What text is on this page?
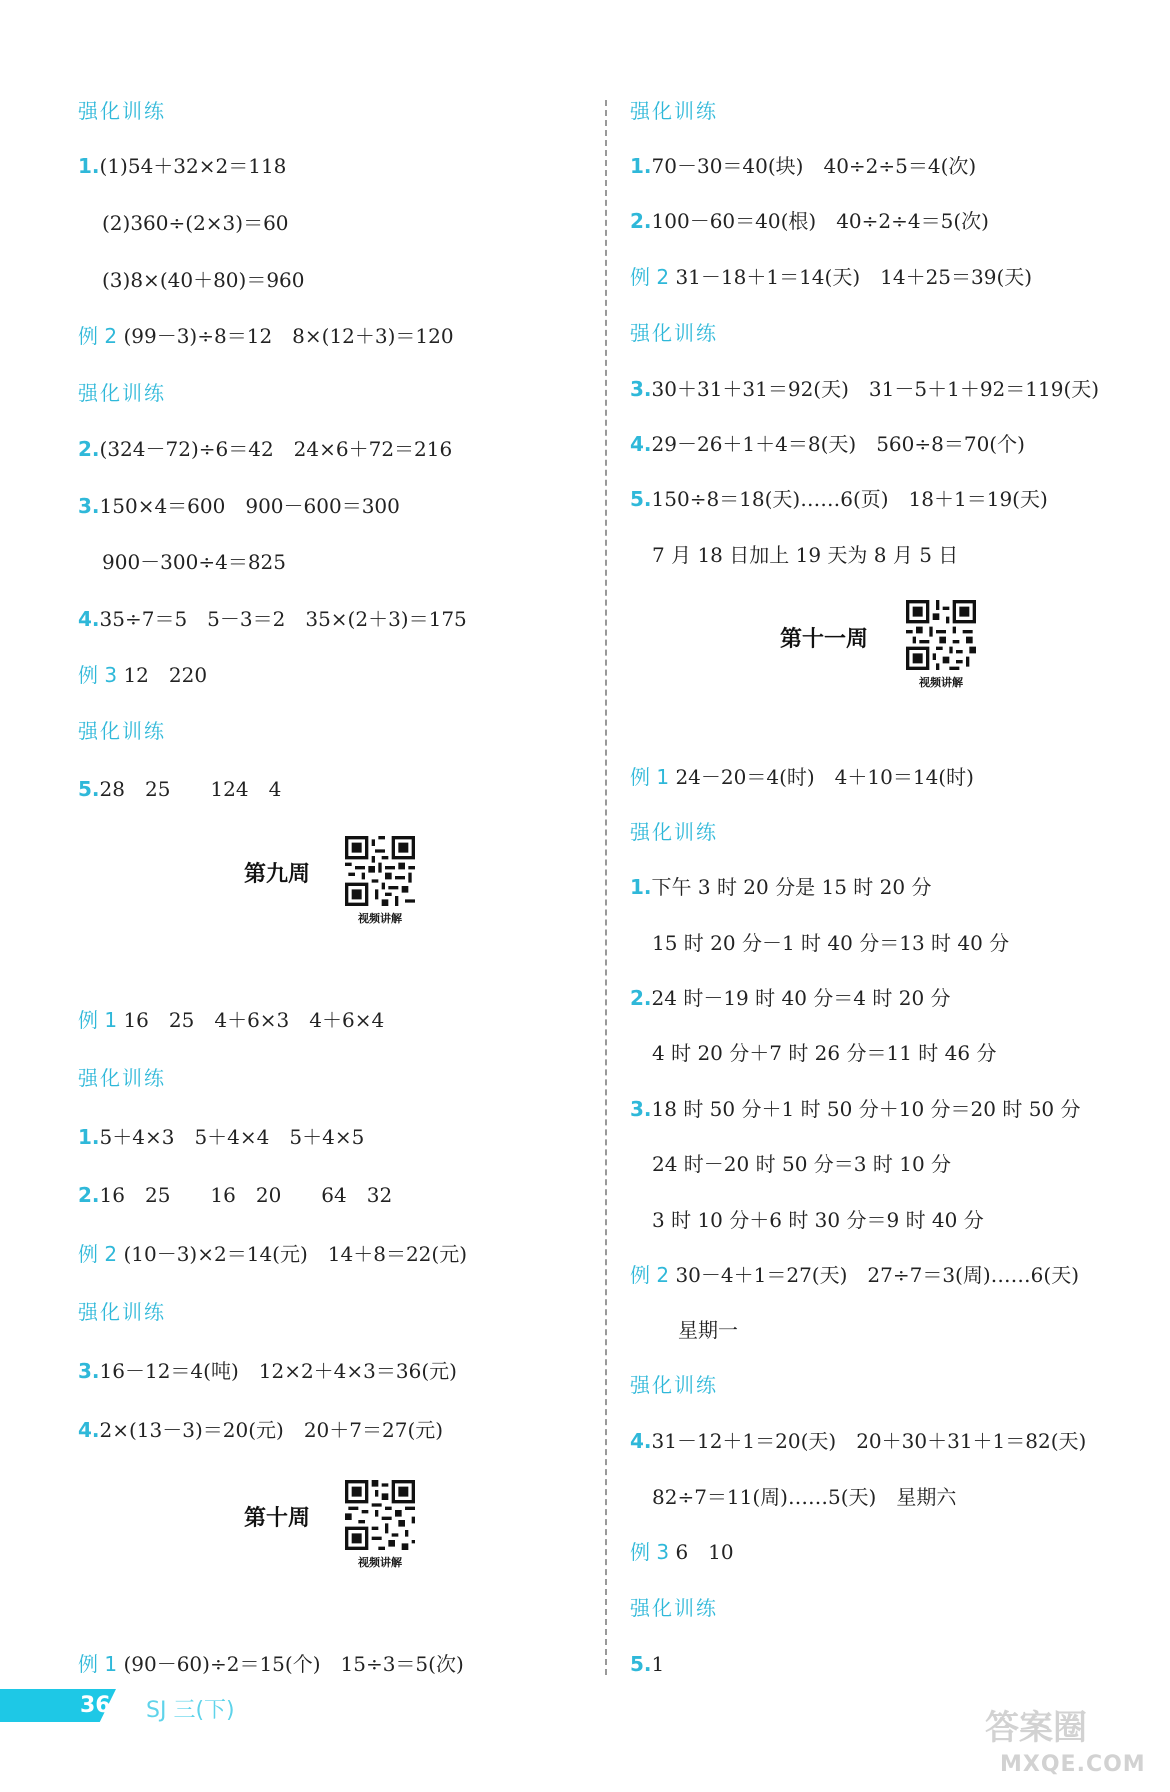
强化训练
1.(1)54＋32×2＝118
(2)360÷(2×3)＝60
(3)8×(40＋80)＝960
例 2 (99－3)÷8＝12　8×(12＋3)＝120
强化训练
2.(324－72)÷6＝42　24×6＋72＝216
3.150×4＝600　900－600＝300
900－300÷4＝825
4.35÷7＝5　5－3＝2　35×(2＋3)＝175
例 3 12　220
强化训练
5.28　25　　124　4
第九周
视频讲解
例 1 16　25　4＋6×3　4＋6×4
强化训练
1.5＋4×3　5＋4×4　5＋4×5
2.16　25　　16　20　　64　32
例 2 (10－3)×2＝14(元)　14＋8＝22(元)
强化训练
3.16－12＝4(吨)　12×2＋4×3＝36(元)
4.2×(13－3)＝20(元)　20＋7＝27(元)
第十周
视频讲解
例 1 (90－60)÷2＝15(个)　15÷3＝5(次)
强化训练
1.70－30＝40(块)　40÷2÷5＝4(次)
2.100－60＝40(根)　40÷2÷4＝5(次)
例 2 31－18＋1＝14(天)　14＋25＝39(天)
强化训练
3.30＋31＋31＝92(天)　31－5＋1＋92＝119(天)
4.29－26＋1＋4＝8(天)　560÷8＝70(个)
5.150÷8＝18(天)……6(页)　18＋1＝19(天)
7 月 18 日加上 19 天为 8 月 5 日
第十一周
视频讲解
例 1 24－20＝4(时)　4＋10＝14(时)
强化训练
1.下午 3 时 20 分是 15 时 20 分
15 时 20 分－1 时 40 分＝13 时 40 分
2.24 时－19 时 40 分＝4 时 20 分
4 时 20 分＋7 时 26 分＝11 时 46 分
3.18 时 50 分＋1 时 50 分＋10 分＝20 时 50 分
24 时－20 时 50 分＝3 时 10 分
3 时 10 分＋6 时 30 分＝9 时 40 分
例 2 30－4＋1＝27(天)　27÷7＝3(周)……6(天)
星期一
强化训练
4.31－12＋1＝20(天)　20＋30＋31＋1＝82(天)
82÷7＝11(周)……5(天)　星期六
例 3 6　10
强化训练
5.1
36 SJ 三(下)	答案圈
MXQE.COM
